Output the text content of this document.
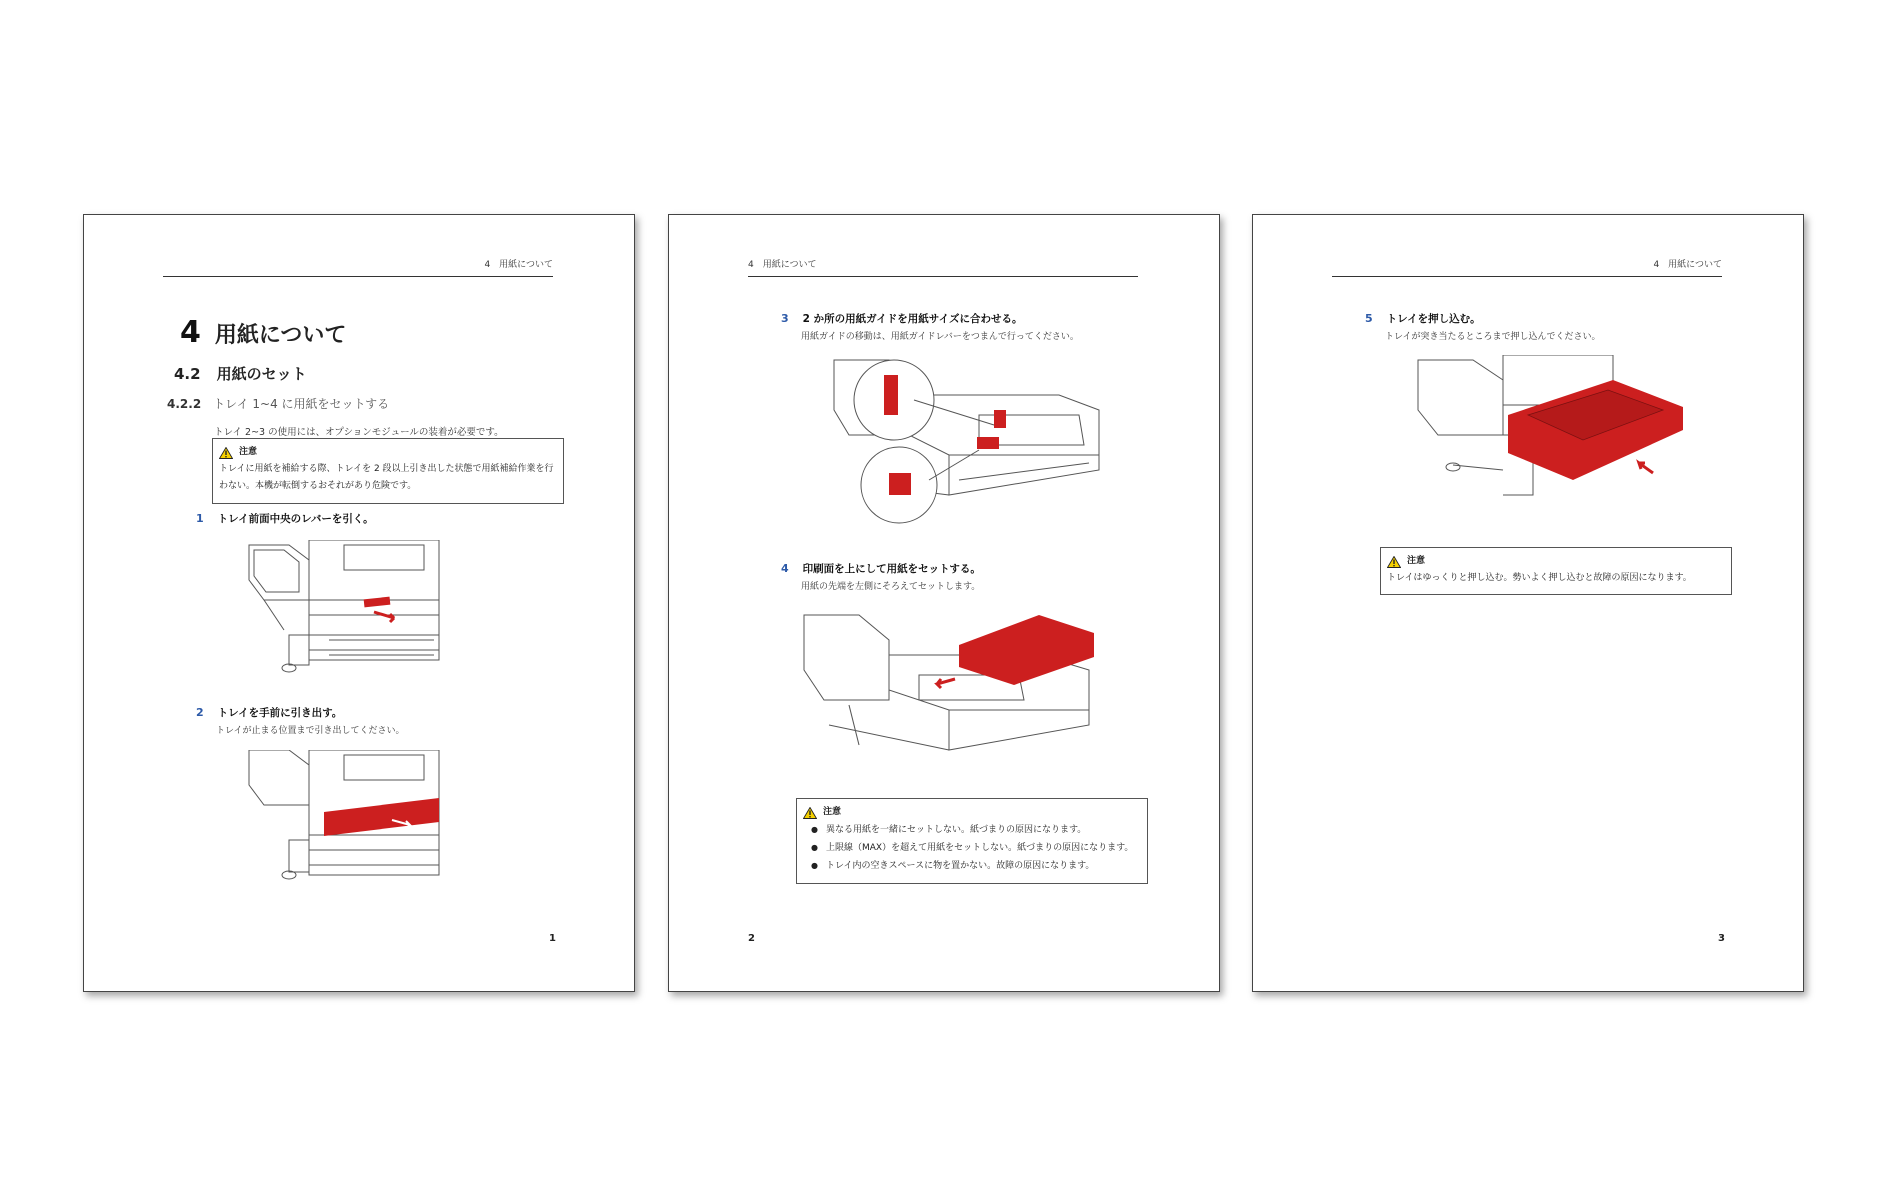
4　用紙について
4 用紙について
4.2 用紙のセット
4.2.2 トレイ 1~4 に用紙をセットする
トレイ 2~3 の使用には、オプションモジュールの装着が必要です。
注意
トレイに用紙を補給する際、トレイを 2 段以上引き出した状態で用紙補給作業を行
わない。本機が転倒するおそれがあり危険です。
1 トレイ前面中央のレバーを引く。
2 トレイを手前に引き出す。
トレイが止まる位置まで引き出してください。
1
4　用紙について
3 2 か所の用紙ガイドを用紙サイズに合わせる。
用紙ガイドの移動は、用紙ガイドレバーをつまんで行ってください。
4 印刷面を上にして用紙をセットする。
用紙の先端を左側にそろえてセットします。
注意
● 異なる用紙を一緒にセットしない。紙づまりの原因になります。
● 上限線（MAX）を超えて用紙をセットしない。紙づまりの原因になります。
● トレイ内の空きスペースに物を置かない。故障の原因になります。
2
4　用紙について
5 トレイを押し込む。
トレイが突き当たるところまで押し込んでください。
注意
トレイはゆっくりと押し込む。勢いよく押し込むと故障の原因になります。
3
